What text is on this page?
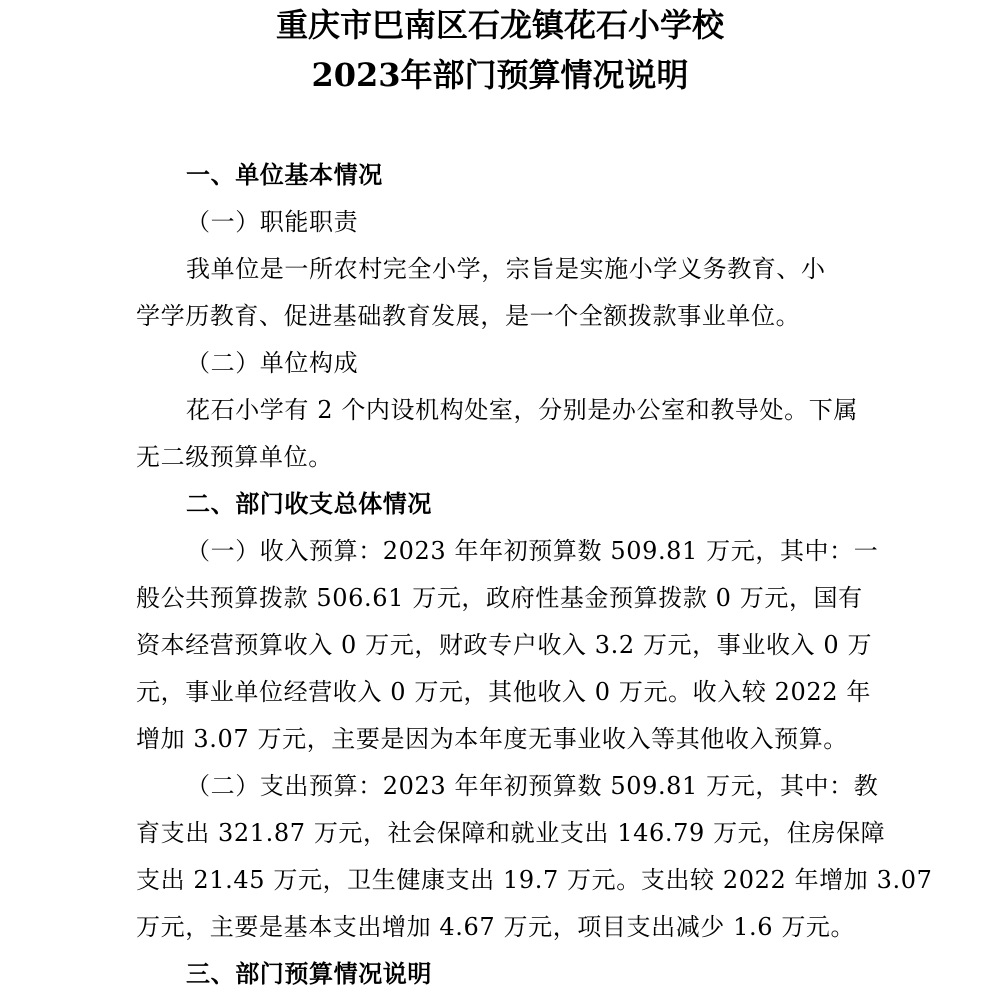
重庆市巴南区石龙镇花石小学校
2023年部门预算情况说明
一、单位基本情况
（一）职能职责
我单位是一所农村完全小学，宗旨是实施小学义务教育、小
学学历教育、促进基础教育发展，是一个全额拨款事业单位。
（二）单位构成
花石小学有 2 个内设机构处室，分别是办公室和教导处。下属
无二级预算单位。
二、部门收支总体情况
（一）收入预算：2023 年年初预算数 509.81 万元，其中：一
般公共预算拨款 506.61 万元，政府性基金预算拨款 0 万元，国有
资本经营预算收入 0 万元，财政专户收入 3.2 万元，事业收入 0 万
元，事业单位经营收入 0 万元，其他收入 0 万元。收入较 2022 年
增加 3.07 万元，主要是因为本年度无事业收入等其他收入预算。
（二）支出预算：2023 年年初预算数 509.81 万元，其中：教
育支出 321.87 万元，社会保障和就业支出 146.79 万元，住房保障
支出 21.45 万元，卫生健康支出 19.7 万元。支出较 2022 年增加 3.07
万元，主要是基本支出增加 4.67 万元，项目支出减少 1.6 万元。
三、部门预算情况说明
